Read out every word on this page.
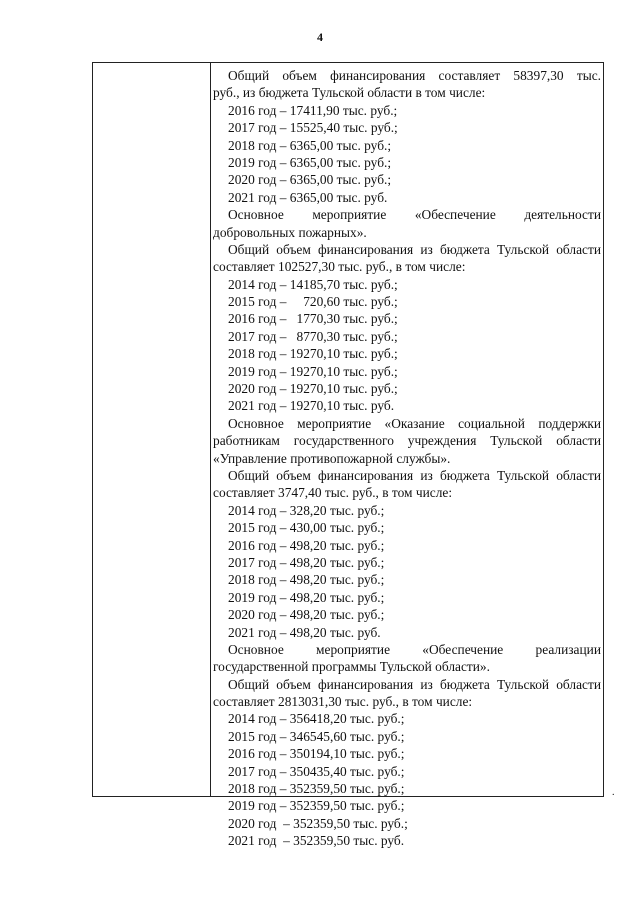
4
Общий объем финансирования составляет 58397,30 тыс.
руб., из бюджета Тульской области в том числе:
2016 год – 17411,90 тыс. руб.;
2017 год – 15525,40 тыс. руб.;
2018 год – 6365,00 тыс. руб.;
2019 год – 6365,00 тыс. руб.;
2020 год – 6365,00 тыс. руб.;
2021 год – 6365,00 тыс. руб.
Основное мероприятие «Обеспечение деятельности
добровольных пожарных».
Общий объем финансирования из бюджета Тульской области
составляет 102527,30 тыс. руб., в том числе:
2014 год – 14185,70 тыс. руб.;
2015 год –     720,60 тыс. руб.;
2016 год –   1770,30 тыс. руб.;
2017 год –   8770,30 тыс. руб.;
2018 год – 19270,10 тыс. руб.;
2019 год – 19270,10 тыс. руб.;
2020 год – 19270,10 тыс. руб.;
2021 год – 19270,10 тыс. руб.
Основное мероприятие «Оказание социальной поддержки
работникам государственного учреждения Тульской области
«Управление противопожарной службы».
Общий объем финансирования из бюджета Тульской области
составляет 3747,40 тыс. руб., в том числе:
2014 год – 328,20 тыс. руб.;
2015 год – 430,00 тыс. руб.;
2016 год – 498,20 тыс. руб.;
2017 год – 498,20 тыс. руб.;
2018 год – 498,20 тыс. руб.;
2019 год – 498,20 тыс. руб.;
2020 год – 498,20 тыс. руб.;
2021 год – 498,20 тыс. руб.
Основное мероприятие «Обеспечение реализации
государственной программы Тульской области».
Общий объем финансирования из бюджета Тульской области
составляет 2813031,30 тыс. руб., в том числе:
2014 год – 356418,20 тыс. руб.;
2015 год – 346545,60 тыс. руб.;
2016 год – 350194,10 тыс. руб.;
2017 год – 350435,40 тыс. руб.;
2018 год – 352359,50 тыс. руб.;
2019 год – 352359,50 тыс. руб.;
2020 год  – 352359,50 тыс. руб.;
2021 год  – 352359,50 тыс. руб.
.
